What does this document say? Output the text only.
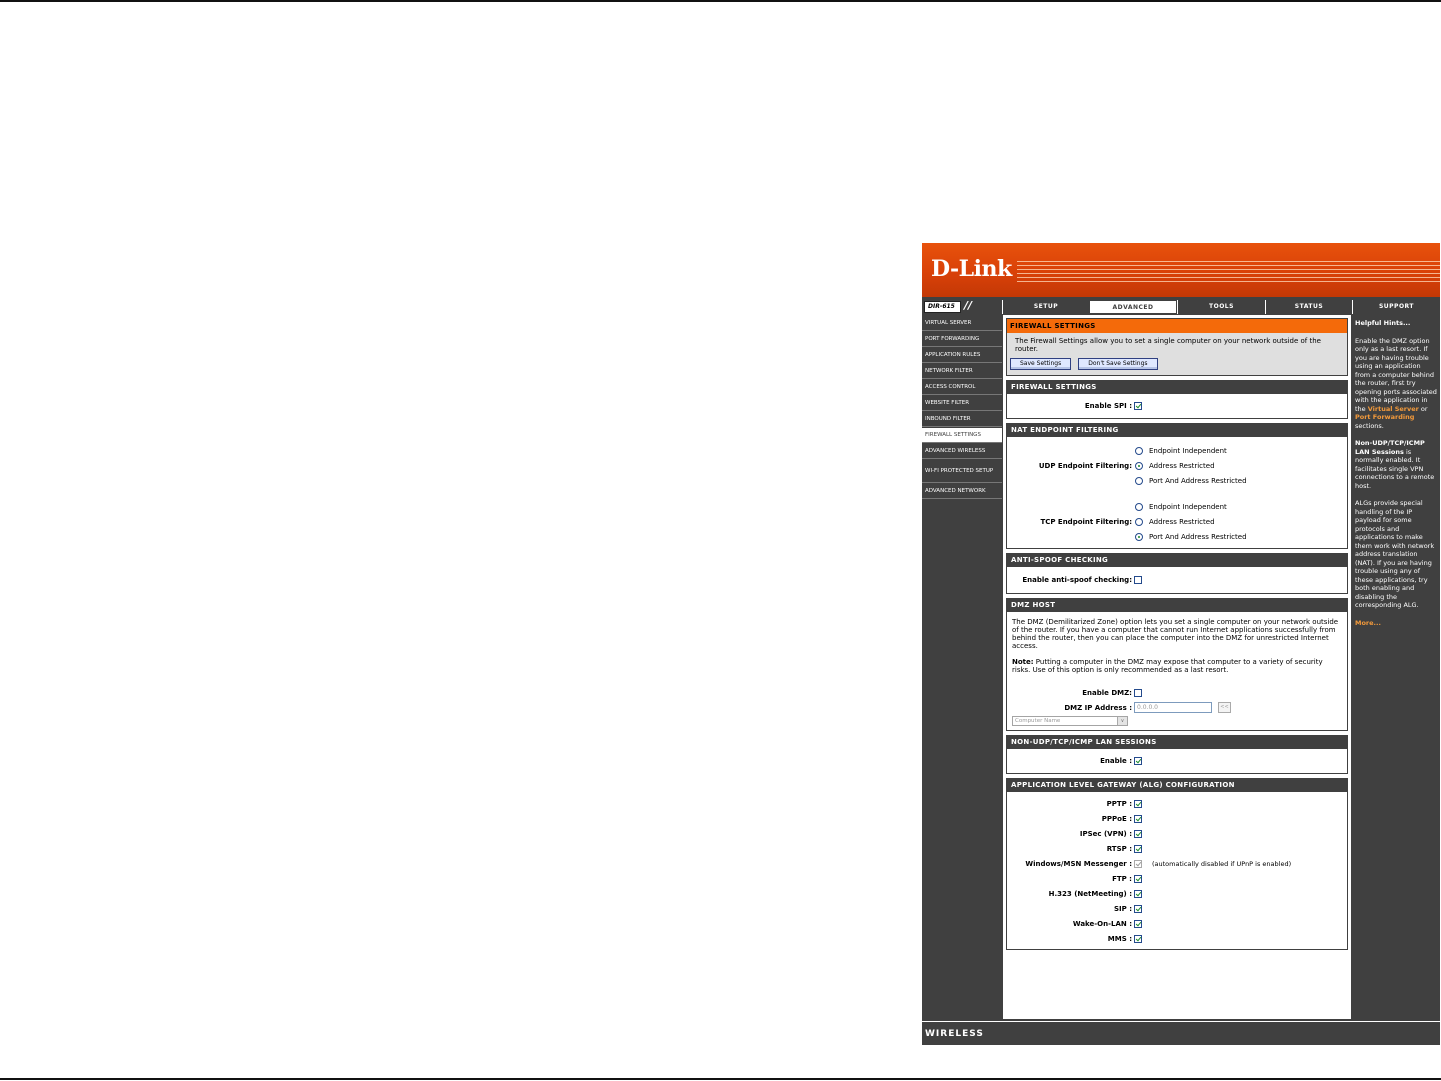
D-Link
DIR-615 //	SETUP	ADVANCED	TOOLS	STATUS	SUPPORT
VIRTUAL SERVER
PORT FORWARDING
APPLICATION RULES
NETWORK FILTER
ACCESS CONTROL
WEBSITE FILTER
INBOUND FILTER
FIREWALL SETTINGS
ADVANCED WIRELESS
WI-FI PROTECTED SETUP
ADVANCED NETWORK
FIREWALL SETTINGS

The Firewall Settings allow you to set a single computer on your network outside of the router.

Save Settings	Don't Save Settings
FIREWALL SETTINGS
Enable SPI :
NAT ENDPOINT FILTERING
UDP Endpoint Filtering:
Endpoint Independent
Address Restricted
Port And Address Restricted
TCP Endpoint Filtering:
Endpoint Independent
Address Restricted
Port And Address Restricted
ANTI-SPOOF CHECKING
Enable anti-spoof checking:
DMZ HOST
The DMZ (Demilitarized Zone) option lets you set a single computer on your network outside of the router. If you have a computer that cannot run Internet applications successfully from behind the router, then you can place the computer into the DMZ for unrestricted Internet access.
Note: Putting a computer in the DMZ may expose that computer to a variety of security risks. Use of this option is only recommended as a last resort.
Enable DMZ:
DMZ IP Address : 0.0.0.0	<<
Computer Name	∨
NON-UDP/TCP/ICMP LAN SESSIONS
Enable :
APPLICATION LEVEL GATEWAY (ALG) CONFIGURATION
PPTP :
PPPoE :
IPSec (VPN) :
RTSP :
Windows/MSN Messenger :	(automatically disabled if UPnP is enabled)
FTP :
H.323 (NetMeeting) :
SIP :
Wake-On-LAN :
MMS :
Helpful Hints...

Enable the DMZ option only as a last resort. If you are having trouble using an application from a computer behind the router, first try opening ports associated with the application in the Virtual Server or Port Forwarding sections.

Non-UDP/TCP/ICMP LAN Sessions is normally enabled. It facilitates single VPN connections to a remote host.

ALGs provide special handling of the IP payload for some protocols and applications to make them work with network address translation (NAT). If you are having trouble using any of these applications, try both enabling and disabling the corresponding ALG.

More...

WIRELESS
